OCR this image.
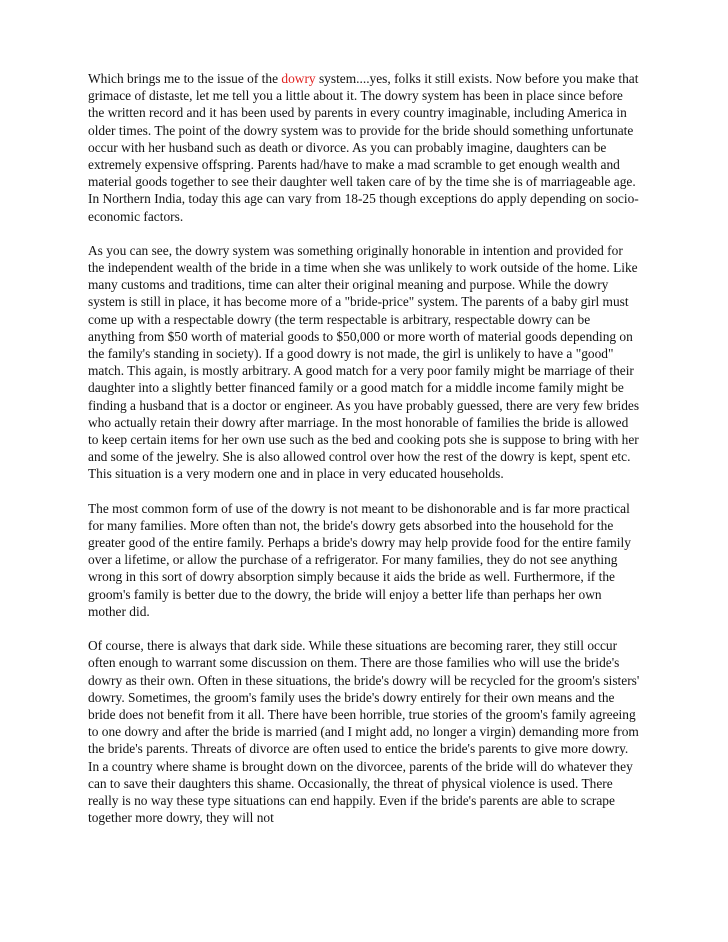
Which brings me to the issue of the dowry system....yes, folks it still exists. Now before you make that grimace of distaste, let me tell you a little about it. The dowry system has been in place since before the written record and it has been used by parents in every country imaginable, including America in older times. The point of the dowry system was to provide for the bride should something unfortunate occur with her husband such as death or divorce. As you can probably imagine, daughters can be extremely expensive offspring. Parents had/have to make a mad scramble to get enough wealth and material goods together to see their daughter well taken care of by the time she is of marriageable age. In Northern India, today this age can vary from 18-25 though exceptions do apply depending on socio-economic factors.

As you can see, the dowry system was something originally honorable in intention and provided for the independent wealth of the bride in a time when she was unlikely to work outside of the home. Like many customs and traditions, time can alter their original meaning and purpose. While the dowry system is still in place, it has become more of a "bride-price" system. The parents of a baby girl must come up with a respectable dowry (the term respectable is arbitrary, respectable dowry can be anything from $50 worth of material goods to $50,000 or more worth of material goods depending on the family's standing in society). If a good dowry is not made, the girl is unlikely to have a "good" match. This again, is mostly arbitrary. A good match for a very poor family might be marriage of their daughter into a slightly better financed family or a good match for a middle income family might be finding a husband that is a doctor or engineer. As you have probably guessed, there are very few brides who actually retain their dowry after marriage. In the most honorable of families the bride is allowed to keep certain items for her own use such as the bed and cooking pots she is suppose to bring with her and some of the jewelry. She is also allowed control over how the rest of the dowry is kept, spent etc. This situation is a very modern one and in place in very educated households.

The most common form of use of the dowry is not meant to be dishonorable and is far more practical for many families. More often than not, the bride's dowry gets absorbed into the household for the greater good of the entire family. Perhaps a bride's dowry may help provide food for the entire family over a lifetime, or allow the purchase of a refrigerator. For many families, they do not see anything wrong in this sort of dowry absorption simply because it aids the bride as well. Furthermore, if the groom's family is better due to the dowry, the bride will enjoy a better life than perhaps her own mother did.

Of course, there is always that dark side. While these situations are becoming rarer, they still occur often enough to warrant some discussion on them. There are those families who will use the bride's dowry as their own. Often in these situations, the bride's dowry will be recycled for the groom's sisters' dowry. Sometimes, the groom's family uses the bride's dowry entirely for their own means and the bride does not benefit from it all. There have been horrible, true stories of the groom's family agreeing to one dowry and after the bride is married (and I might add, no longer a virgin) demanding more from the bride's parents. Threats of divorce are often used to entice the bride's parents to give more dowry. In a country where shame is brought down on the divorcee, parents of the bride will do whatever they can to save their daughters this shame. Occasionally, the threat of physical violence is used. There really is no way these type situations can end happily. Even if the bride's parents are able to scrape together more dowry, they will not
